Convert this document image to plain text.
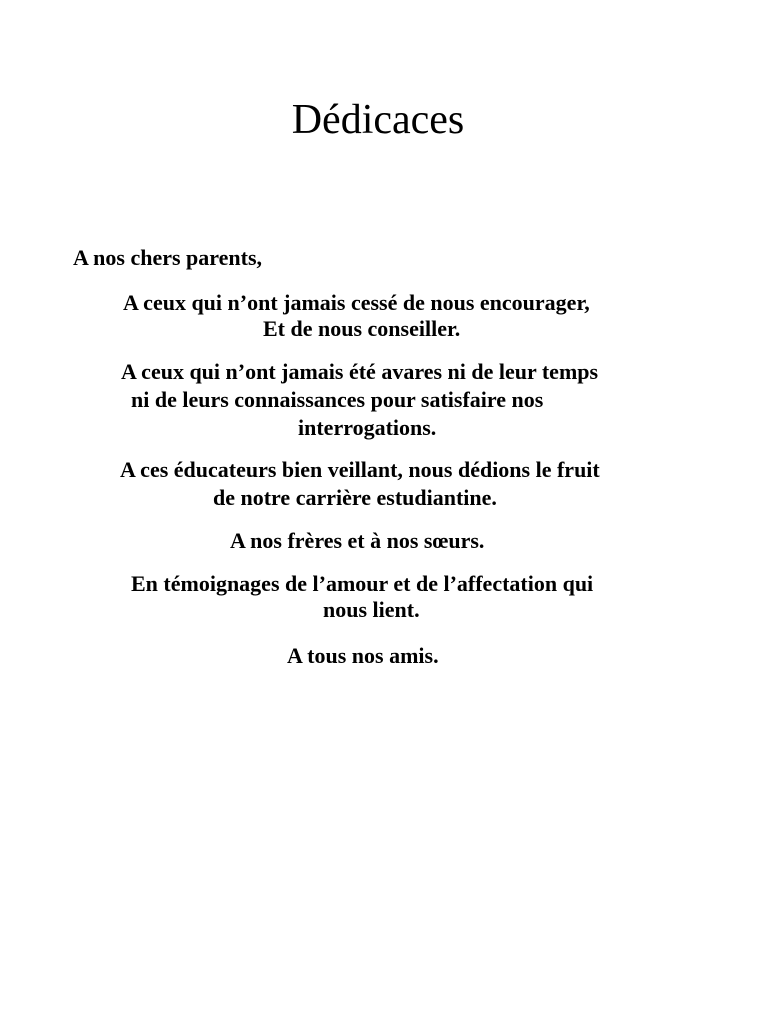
Dédicaces

A nos chers parents,

A ceux qui n’ont jamais cessé de nous encourager,

Et de nous conseiller.

A ceux qui n’ont jamais été avares ni de leur temps

ni de leurs connaissances pour satisfaire nos

interrogations.

A ces éducateurs bien veillant, nous dédions le fruit

de notre carrière estudiantine.

A nos frères et à nos sœurs.

En témoignages de l’amour et de l’affectation qui

nous lient.

A tous nos amis.
